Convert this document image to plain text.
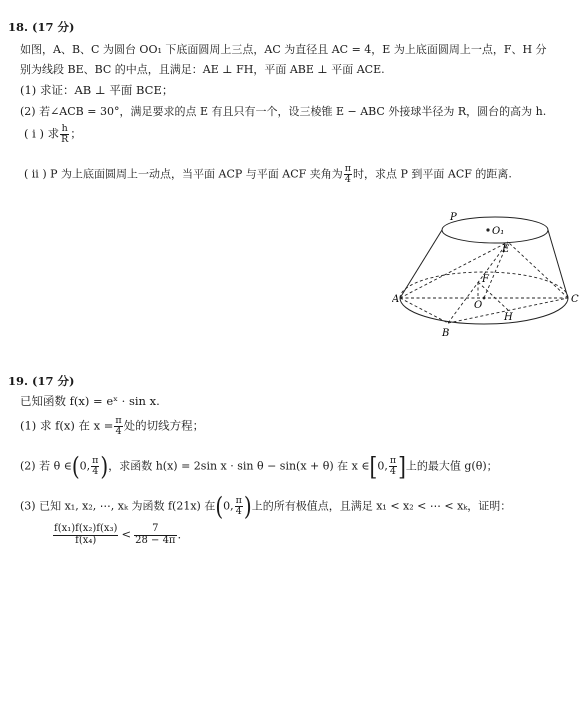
18. (17 分)
如图，A、B、C 为圆台 OO₁ 下底面圆周上三点，AC 为直径且 AC = 4，E 为上底面圆周上一点，F、H 分
别为线段 BE、BC 的中点，且满足：AE ⊥ FH，平面 ABE ⊥ 平面 ACE.
(1) 求证：AB ⊥ 平面 BCE；
(2) 若∠ACB = 30°，满足要求的点 E 有且只有一个，设三棱锥 E − ABC 外接球半径为 R，圆台的高为 h.
( i ) 求 $\frac{h}{R}$ ；
( ii ) P 为上底面圆周上一动点，当平面 ACP 与平面 ACF 夹角为 $\frac{\pi}{4}$ 时，求点 P 到平面 ACF 的距离.
P
O₁
E
F
O
A	C
B
H
19. (17 分)
已知函数 f(x) = eˣ · sin x.
(1) 求 f(x) 在 $x = \frac{\pi}{4}$ 处的切线方程；
(2) 若 θ ∈(0, $\frac{\pi}{4}$ )，求函数 h(x) = 2sin x · sin θ − sin(x + θ) 在 x ∈[0, $\frac{\pi}{4}$ ]上的最大值 g(θ)；
(3) 已知 x₁, x₂, ⋯, xₖ 为函数 f(21x) 在(0, $\frac{\pi}{4}$ )上的所有极值点，且满足 x₁ < x₂ < ⋯ < xₖ，证明：
$\frac{\text{f(x₁)f(x₂)f(x₃)}}{\text{f(x₄)}} < \frac{7}{28 - 4\pi}$ .
